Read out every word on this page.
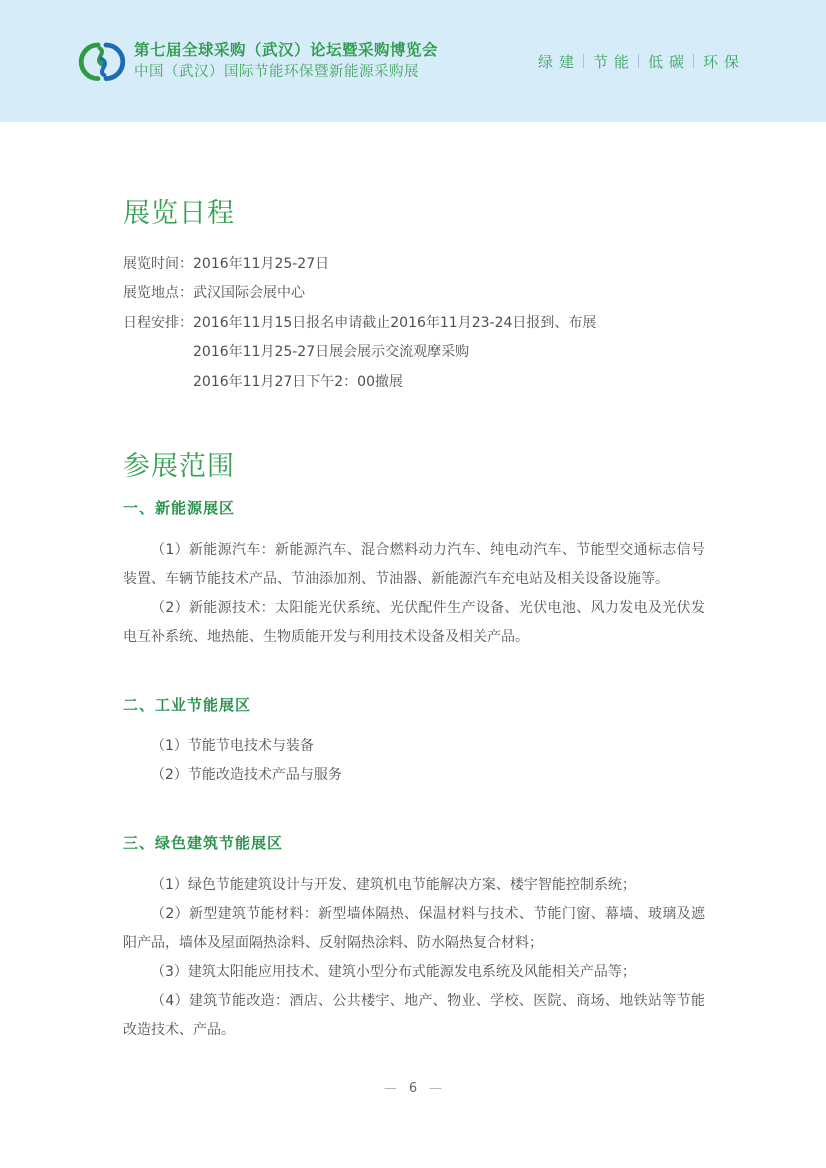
第七届全球采购（武汉）论坛暨采购博览会
中国（武汉）国际节能环保暨新能源采购展
绿建 节能 低碳 环保
展览日程
展览时间： 2016年11月25-27日
展览地点： 武汉国际会展中心
日程安排： 2016年11月15日报名申请截止2016年11月23-24日报到、布展
2016年11月25-27日展会展示交流观摩采购
2016年11月27日下午2：00撤展
参展范围
一、新能源展区

（1）新能源汽车：新能源汽车、混合燃料动力汽车、纯电动汽车、节能型交通标志信号装置、车辆节能技术产品、节油添加剂、节油器、新能源汽车充电站及相关设备设施等。

（2）新能源技术：太阳能光伏系统、光伏配件生产设备、光伏电池、风力发电及光伏发电互补系统、地热能、生物质能开发与利用技术设备及相关产品。

二、工业节能展区

（1）节能节电技术与装备

（2）节能改造技术产品与服务

三、绿色建筑节能展区

（1）绿色节能建筑设计与开发、建筑机电节能解决方案、楼宇智能控制系统；

（2）新型建筑节能材料：新型墙体隔热、保温材料与技术、节能门窗、幕墙、玻璃及遮阳产品，墙体及屋面隔热涂料、反射隔热涂料、防水隔热复合材料；

（3）建筑太阳能应用技术、建筑小型分布式能源发电系统及风能相关产品等；

（4）建筑节能改造：酒店、公共楼宇、地产、物业、学校、医院、商场、地铁站等节能改造技术、产品。

— 6 —
